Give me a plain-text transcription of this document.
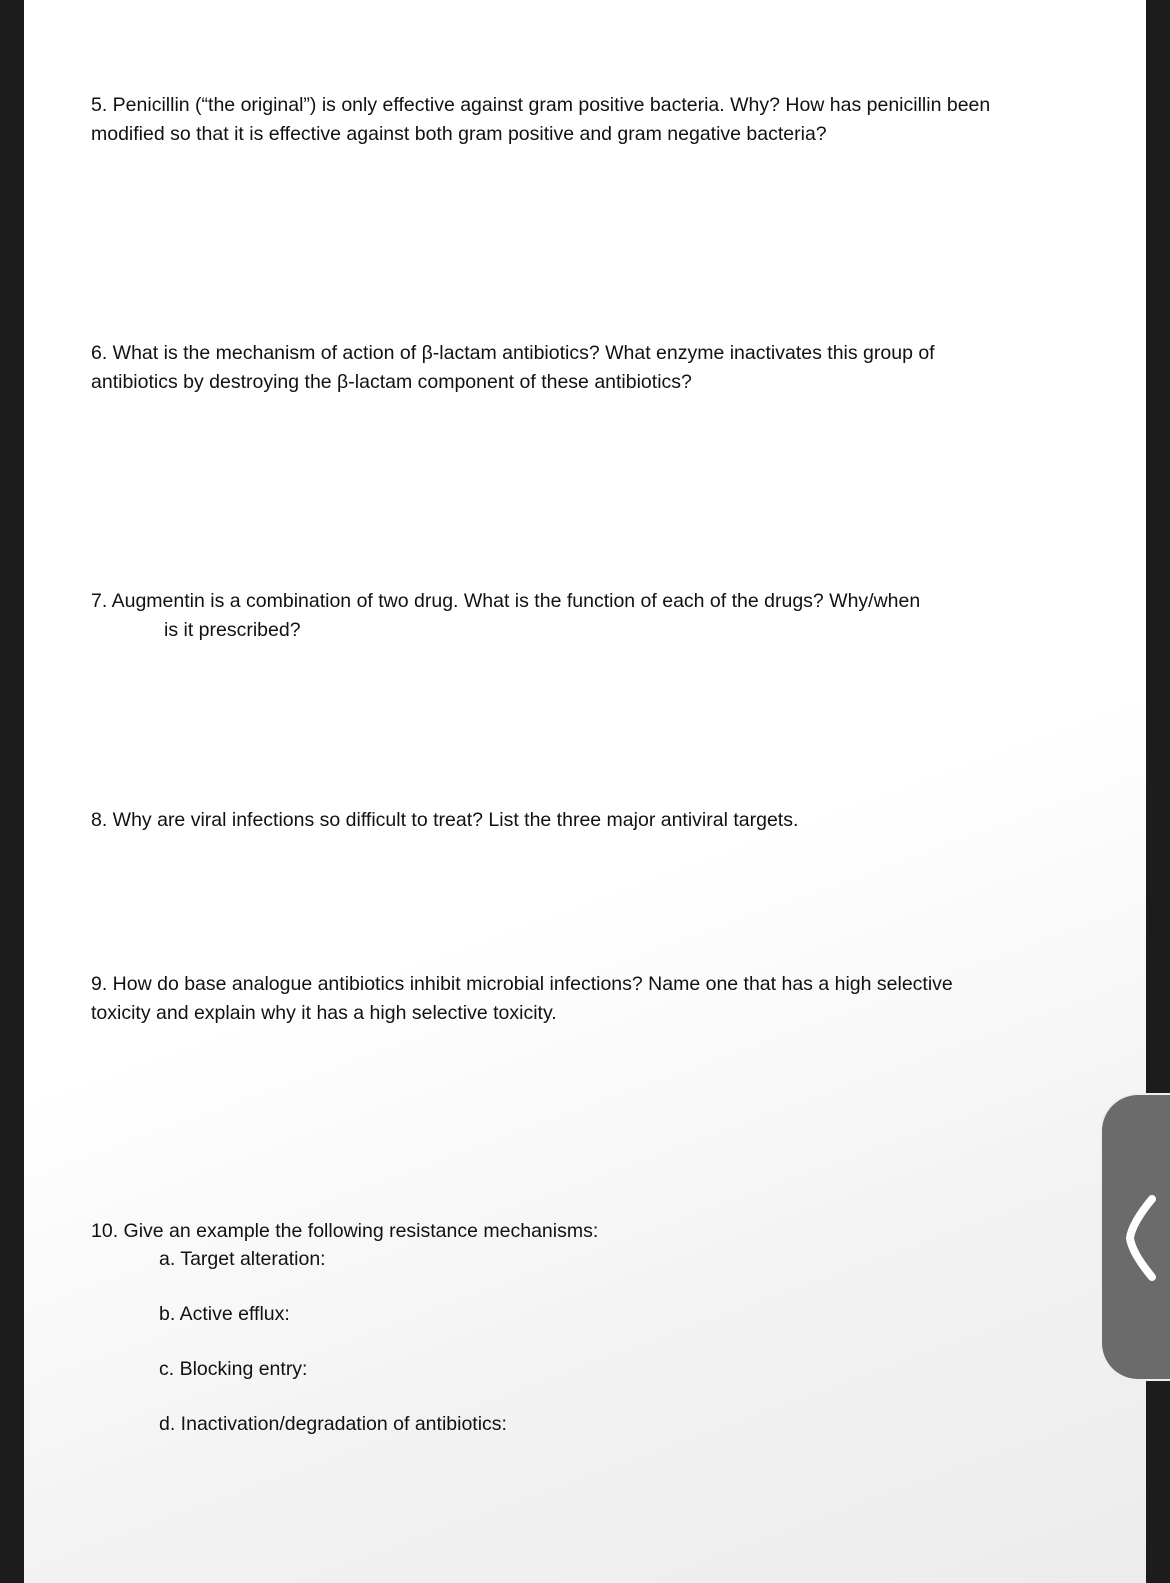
5. Penicillin (“the original”) is only effective against gram positive bacteria. Why? How has penicillin been
modified so that it is effective against both gram positive and gram negative bacteria?

6. What is the mechanism of action of β-lactam antibiotics? What enzyme inactivates this group of
antibiotics by destroying the β-lactam component of these antibiotics?

7. Augmentin is a combination of two drug. What is the function of each of the drugs? Why/when
is it prescribed?

8. Why are viral infections so difficult to treat? List the three major antiviral targets.

9. How do base analogue antibiotics inhibit microbial infections? Name one that has a high selective
toxicity and explain why it has a high selective toxicity.

10. Give an example the following resistance mechanisms:

a. Target alteration:

b. Active efflux:

c. Blocking entry:

d. Inactivation/degradation of antibiotics:
